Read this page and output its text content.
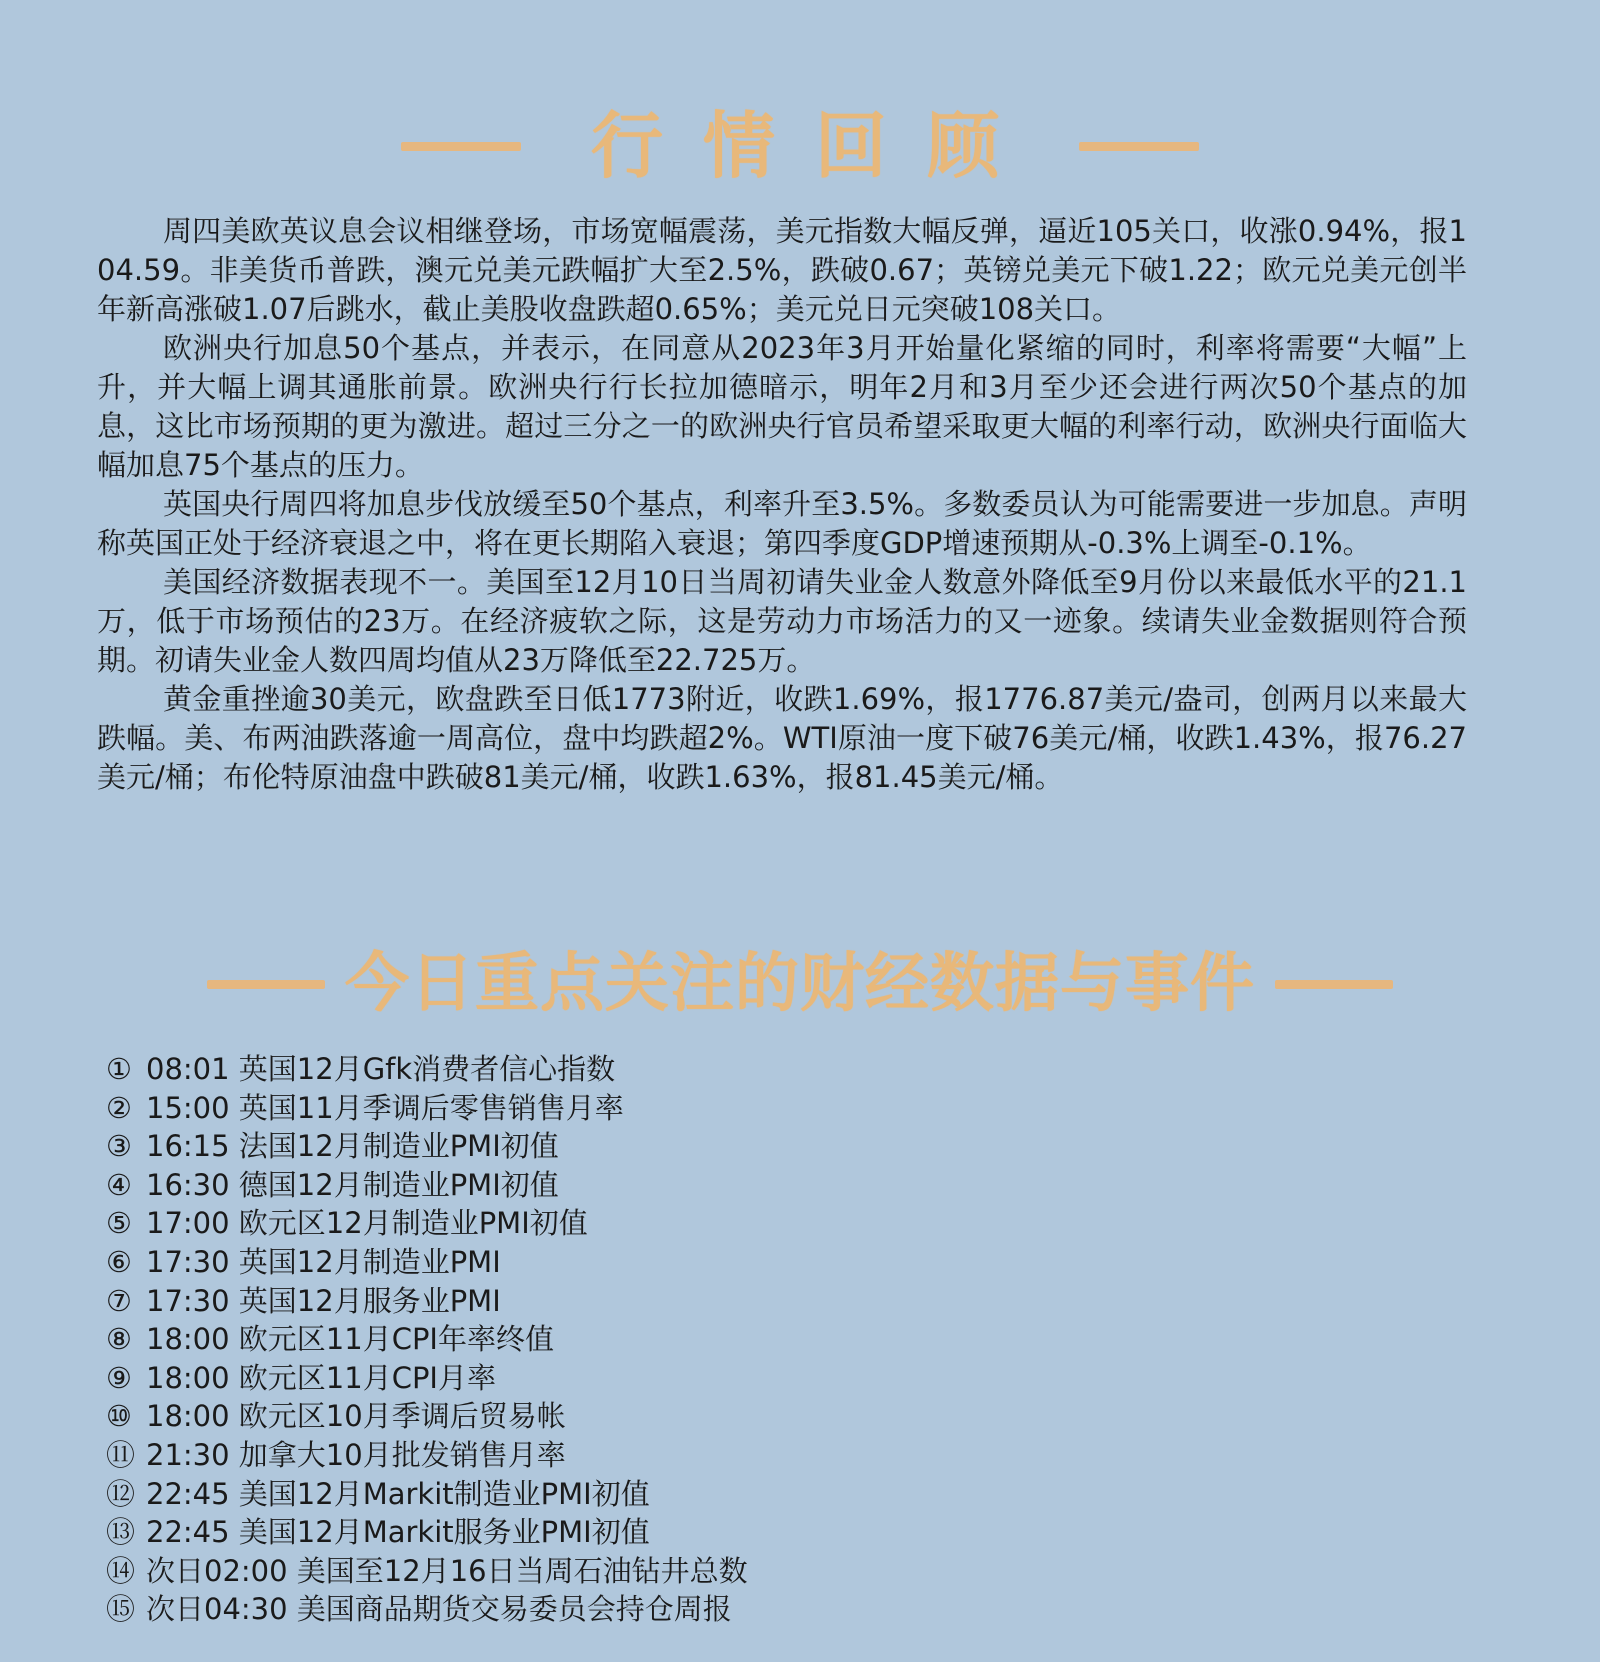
行情回顾

周四美欧英议息会议相继登场，市场宽幅震荡，美元指数大幅反弹，逼近105关口，收涨0.94%，报104.59。非美货币普跌，澳元兑美元跌幅扩大至2.5%，跌破0.67；英镑兑美元下破1.22；欧元兑美元创半年新高涨破1.07后跳水，截止美股收盘跌超0.65%；美元兑日元突破108关口。

欧洲央行加息50个基点，并表示，在同意从2023年3月开始量化紧缩的同时，利率将需要“大幅”上升，并大幅上调其通胀前景。欧洲央行行长拉加德暗示，明年2月和3月至少还会进行两次50个基点的加息，这比市场预期的更为激进。超过三分之一的欧洲央行官员希望采取更大幅的利率行动，欧洲央行面临大幅加息75个基点的压力。

英国央行周四将加息步伐放缓至50个基点，利率升至3.5%。多数委员认为可能需要进一步加息。声明称英国正处于经济衰退之中，将在更长期陷入衰退；第四季度GDP增速预期从-0.3%上调至-0.1%。

美国经济数据表现不一。美国至12月10日当周初请失业金人数意外降低至9月份以来最低水平的21.1万，低于市场预估的23万。在经济疲软之际，这是劳动力市场活力的又一迹象。续请失业金数据则符合预期。初请失业金人数四周均值从23万降低至22.725万。

黄金重挫逾30美元，欧盘跌至日低1773附近，收跌1.69%，报1776.87美元/盎司，创两月以来最大跌幅。美、布两油跌落逾一周高位，盘中均跌超2%。WTI原油一度下破76美元/桶，收跌1.43%，报76.27美元/桶；布伦特原油盘中跌破81美元/桶，收跌1.63%，报81.45美元/桶。

今日重点关注的财经数据与事件
① 08:01 英国12月Gfk消费者信心指数
② 15:00 英国11月季调后零售销售月率
③ 16:15 法国12月制造业PMI初值
④ 16:30 德国12月制造业PMI初值
⑤ 17:00 欧元区12月制造业PMI初值
⑥ 17:30 英国12月制造业PMI
⑦ 17:30 英国12月服务业PMI
⑧ 18:00 欧元区11月CPI年率终值
⑨ 18:00 欧元区11月CPI月率
⑩ 18:00 欧元区10月季调后贸易帐
⑪ 21:30 加拿大10月批发销售月率
⑫ 22:45 美国12月Markit制造业PMI初值
⑬ 22:45 美国12月Markit服务业PMI初值
⑭ 次日02:00 美国至12月16日当周石油钻井总数
⑮ 次日04:30 美国商品期货交易委员会持仓周报
